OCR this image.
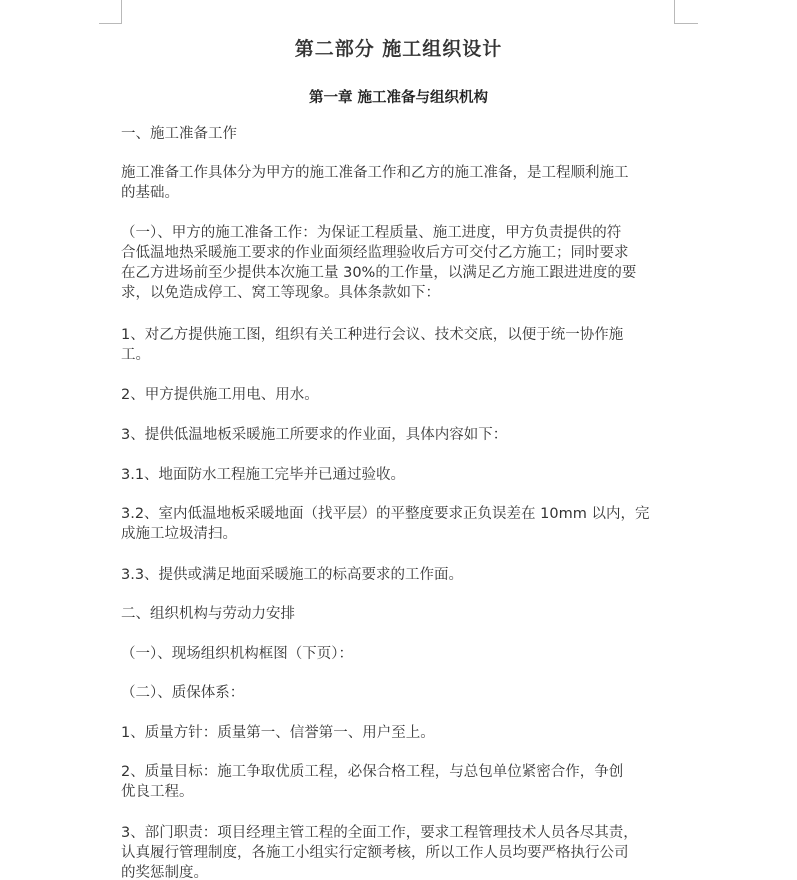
第二部分 施工组织设计
第一章 施工准备与组织机构
一、施工准备工作
施工准备工作具体分为甲方的施工准备工作和乙方的施工准备，是工程顺利施工
的基础。
（一）、甲方的施工准备工作：为保证工程质量、施工进度，甲方负责提供的符
合低温地热采暖施工要求的作业面须经监理验收后方可交付乙方施工；同时要求
在乙方进场前至少提供本次施工量 30%的工作量，以满足乙方施工跟进进度的要
求，以免造成停工、窝工等现象。具体条款如下：
1、对乙方提供施工图，组织有关工种进行会议、技术交底，以便于统一协作施
工。
2、甲方提供施工用电、用水。
3、提供低温地板采暖施工所要求的作业面，具体内容如下：
3.1、地面防水工程施工完毕并已通过验收。
3.2、室内低温地板采暖地面（找平层）的平整度要求正负误差在 10mm 以内，完
成施工垃圾清扫。
3.3、提供或满足地面采暖施工的标高要求的工作面。
二、组织机构与劳动力安排
（一）、现场组织机构框图（下页）：
（二）、质保体系：
1、质量方针：质量第一、信誉第一、用户至上。
2、质量目标：施工争取优质工程，必保合格工程，与总包单位紧密合作，争创
优良工程。
3、部门职责：项目经理主管工程的全面工作，要求工程管理技术人员各尽其责，
认真履行管理制度，各施工小组实行定额考核，所以工作人员均要严格执行公司
的奖惩制度。
